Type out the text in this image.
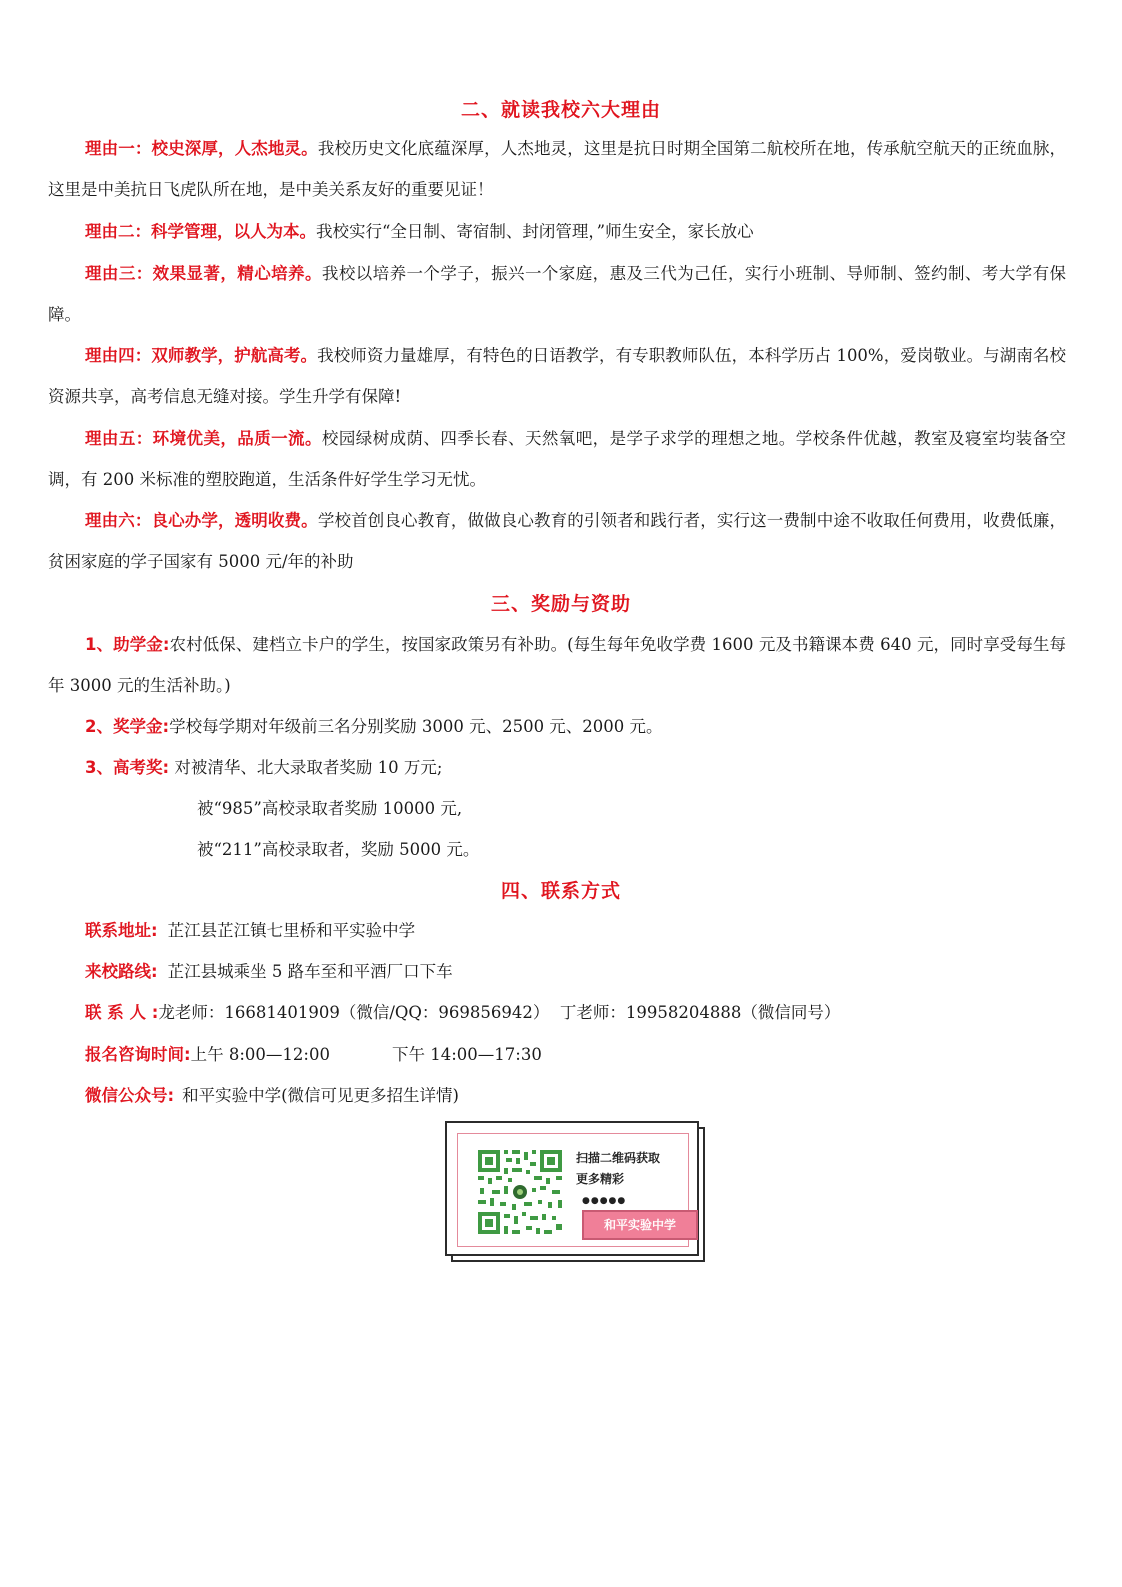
二、就读我校六大理由

理由一：校史深厚，人杰地灵。我校历史文化底蕴深厚，人杰地灵，这里是抗日时期全国第二航校所在地，传承航空航天的正统血脉，这里是中美抗日飞虎队所在地，是中美关系友好的重要见证！

理由二：科学管理，以人为本。我校实行“全日制、寄宿制、封闭管理，”师生安全，家长放心

理由三：效果显著，精心培养。我校以培养一个学子，振兴一个家庭，惠及三代为己任，实行小班制、导师制、签约制、考大学有保障。

理由四：双师教学，护航高考。我校师资力量雄厚，有特色的日语教学，有专职教师队伍，本科学历占 100%，爱岗敬业。与湖南名校资源共享，高考信息无缝对接。学生升学有保障!

理由五：环境优美，品质一流。校园绿树成荫、四季长春、天然氧吧，是学子求学的理想之地。学校条件优越，教室及寝室均装备空调，有 200 米标准的塑胶跑道，生活条件好学生学习无忧。

理由六：良心办学，透明收费。学校首创良心教育，做做良心教育的引领者和践行者，实行这一费制中途不收取任何费用，收费低廉，贫困家庭的学子国家有 5000 元/年的补助

三、奖励与资助

1、助学金:农村低保、建档立卡户的学生，按国家政策另有补助。(每生每年免收学费 1600 元及书籍课本费 640 元，同时享受每生每年 3000 元的生活补助。)

2、奖学金:学校每学期对年级前三名分别奖励 3000 元、2500 元、2000 元。

3、高考奖: 对被清华、北大录取者奖励 10 万元;

被“985”高校录取者奖励 10000 元,
被“211”高校录取者，奖励 5000 元。
四、联系方式
联系地址: 芷江县芷江镇七里桥和平实验中学
来校路线: 芷江县城乘坐 5 路车至和平酒厂口下车
联 系 人 :龙老师：16681401909（微信/QQ：969856942）  丁老师：19958204888（微信同号）
报名咨询时间:上午 8:00—12:00	下午 14:00—17:30
微信公众号: 和平实验中学(微信可见更多招生详情)
扫描二维码获取
更多精彩
●●●●●
和平实验中学
